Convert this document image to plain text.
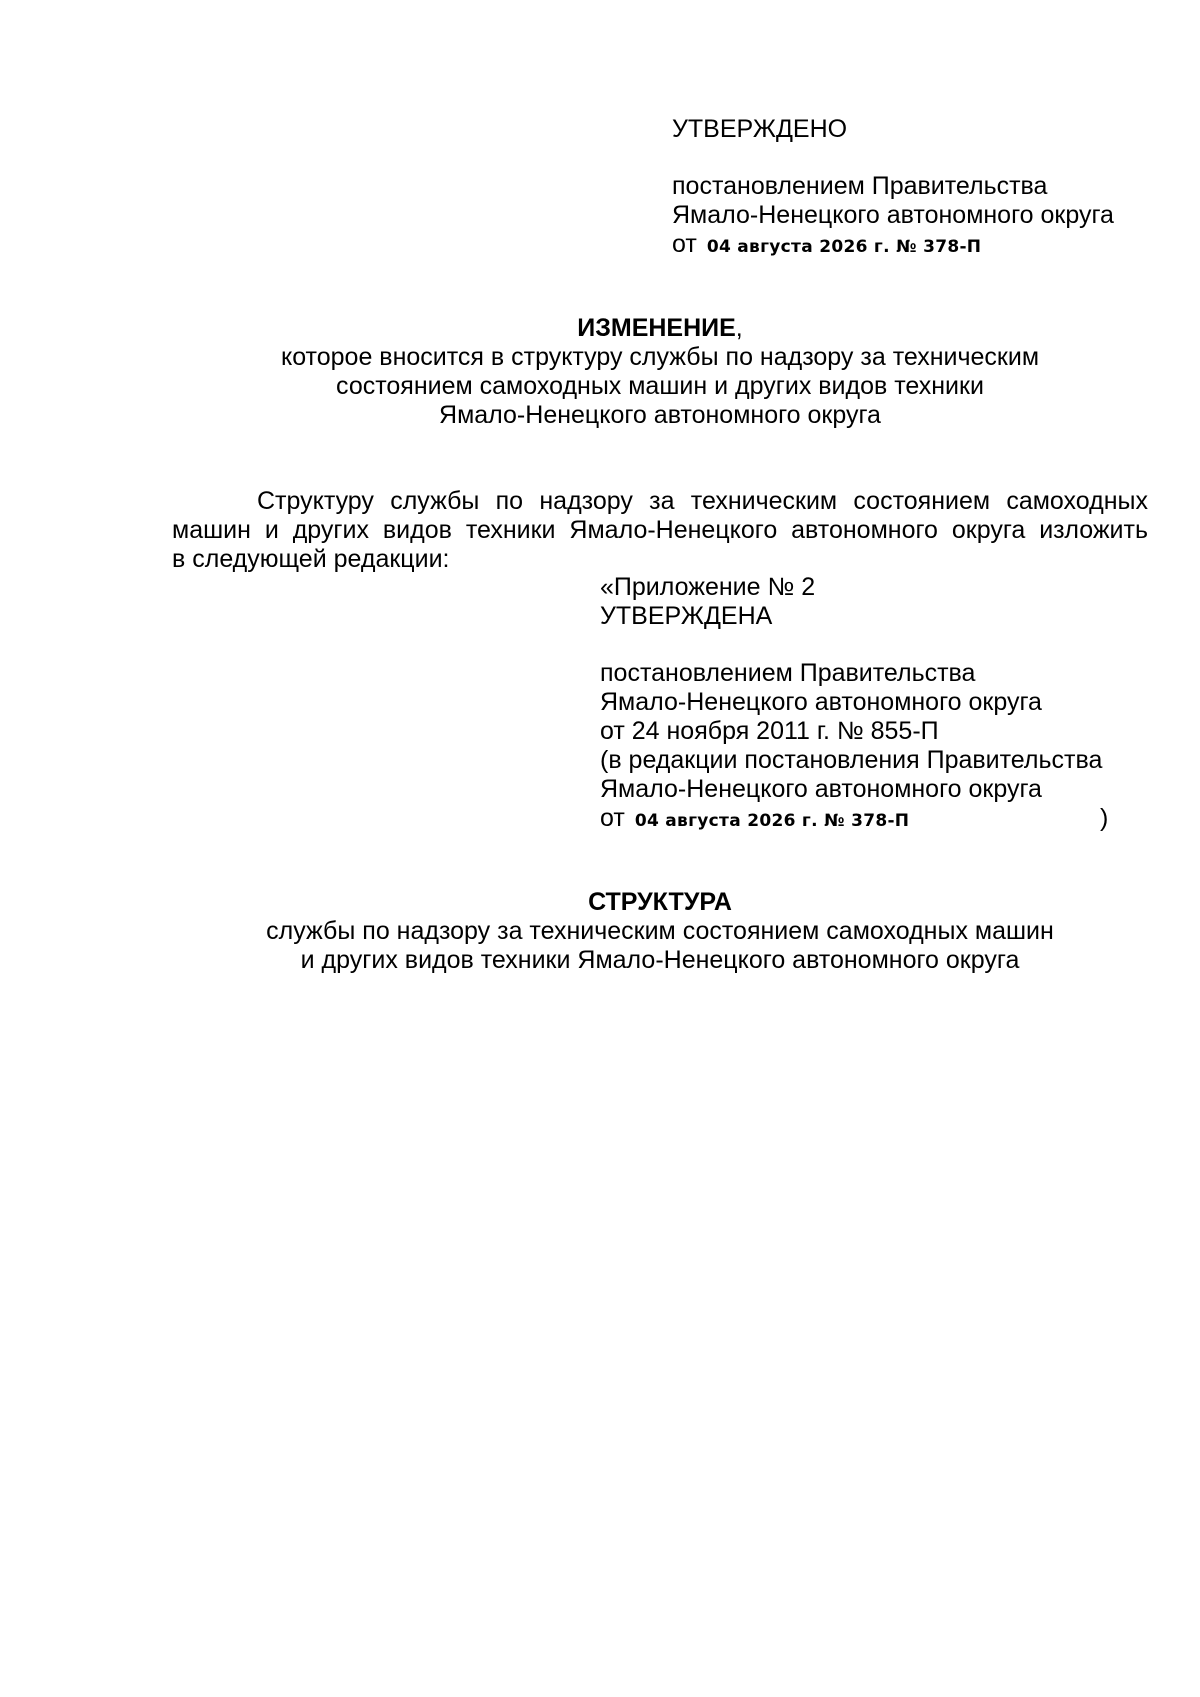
УТВЕРЖДЕНО
постановлением Правительства
Ямало-Ненецкого автономного округа
от 04 августа 2026 г. № 378-П
ИЗМЕНЕНИЕ,
которое вносится в структуру службы по надзору за техническим
состоянием самоходных машин и других видов техники
Ямало-Ненецкого автономного округа
Структуру службы по надзору за техническим состоянием самоходных
машин и других видов техники Ямало-Ненецкого автономного округа изложить
в следующей редакции:
«Приложение № 2
УТВЕРЖДЕНА
постановлением Правительства
Ямало-Ненецкого автономного округа
от 24 ноября 2011 г. № 855-П
(в редакции постановления Правительства
Ямало-Ненецкого автономного округа
от 04 августа 2026 г. № 378-П	)
СТРУКТУРА
службы по надзору за техническим состоянием самоходных машин
и других видов техники Ямало-Ненецкого автономного округа
